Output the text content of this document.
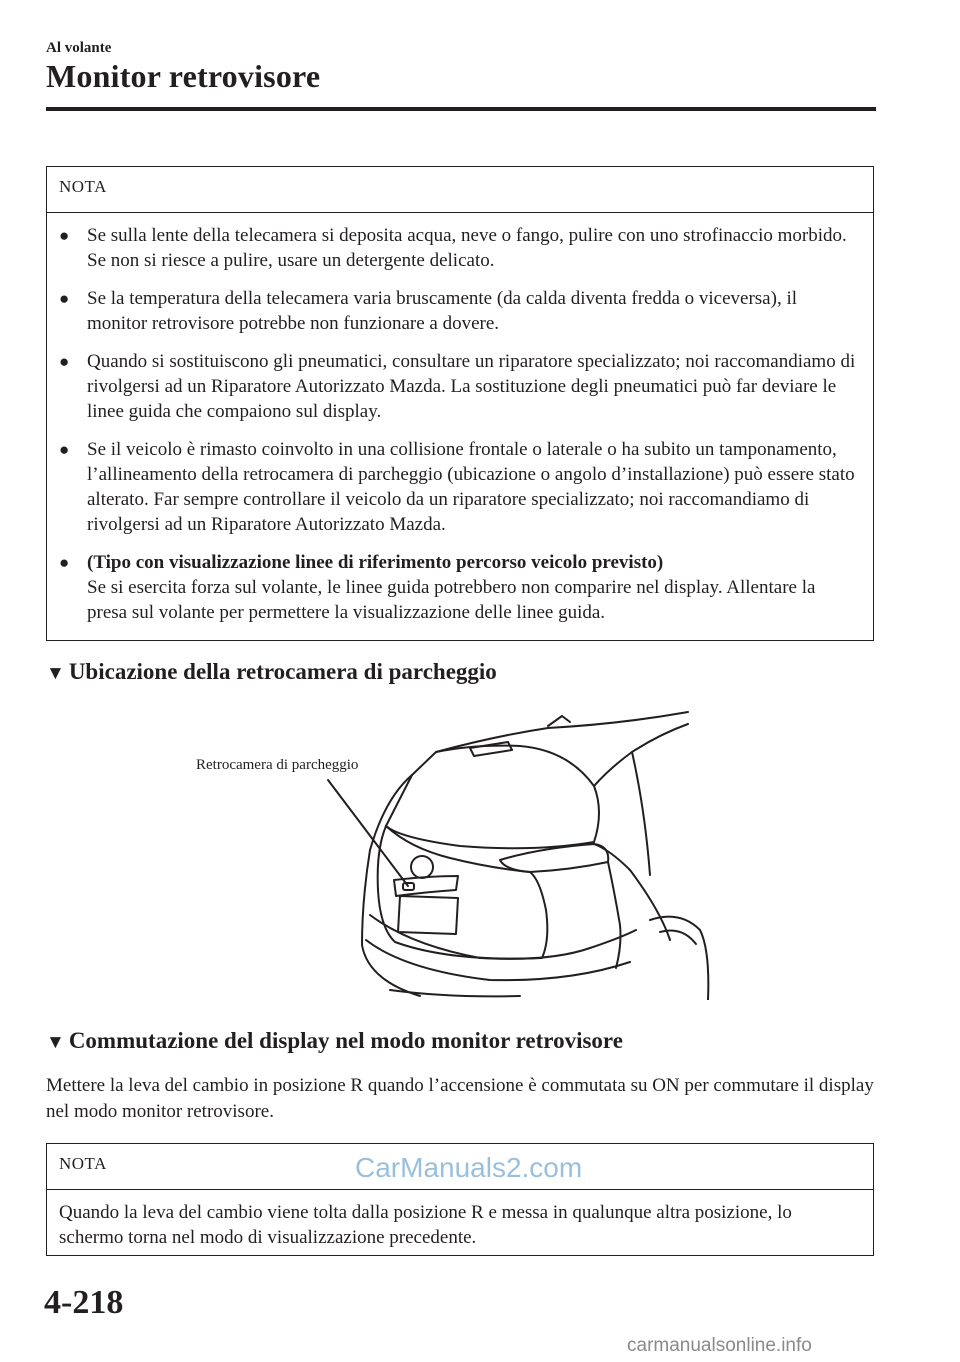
Al volante
Monitor retrovisore
NOTA
● Se sulla lente della telecamera si deposita acqua, neve o fango, pulire con uno strofinaccio morbido. Se non si riesce a pulire, usare un detergente delicato.
● Se la temperatura della telecamera varia bruscamente (da calda diventa fredda o viceversa), il monitor retrovisore potrebbe non funzionare a dovere.
● Quando si sostituiscono gli pneumatici, consultare un riparatore specializzato; noi raccomandiamo di rivolgersi ad un Riparatore Autorizzato Mazda. La sostituzione degli pneumatici può far deviare le linee guida che compaiono sul display.
● Se il veicolo è rimasto coinvolto in una collisione frontale o laterale o ha subito un tamponamento, l’allineamento della retrocamera di parcheggio (ubicazione o angolo d’installazione) può essere stato alterato. Far sempre controllare il veicolo da un riparatore specializzato; noi raccomandiamo di rivolgersi ad un Riparatore Autorizzato Mazda.
● (Tipo con visualizzazione linee di riferimento percorso veicolo previsto)
Se si esercita forza sul volante, le linee guida potrebbero non comparire nel display. Allentare la presa sul volante per permettere la visualizzazione delle linee guida.
▼ Ubicazione della retrocamera di parcheggio
Retrocamera di parcheggio
▼ Commutazione del display nel modo monitor retrovisore
Mettere la leva del cambio in posizione R quando l’accensione è commutata su ON per commutare il display nel modo monitor retrovisore.
NOTA
Quando la leva del cambio viene tolta dalla posizione R e messa in qualunque altra posizione, lo schermo torna nel modo di visualizzazione precedente.
CarManuals2.com
4-218
carmanualsonline.info
